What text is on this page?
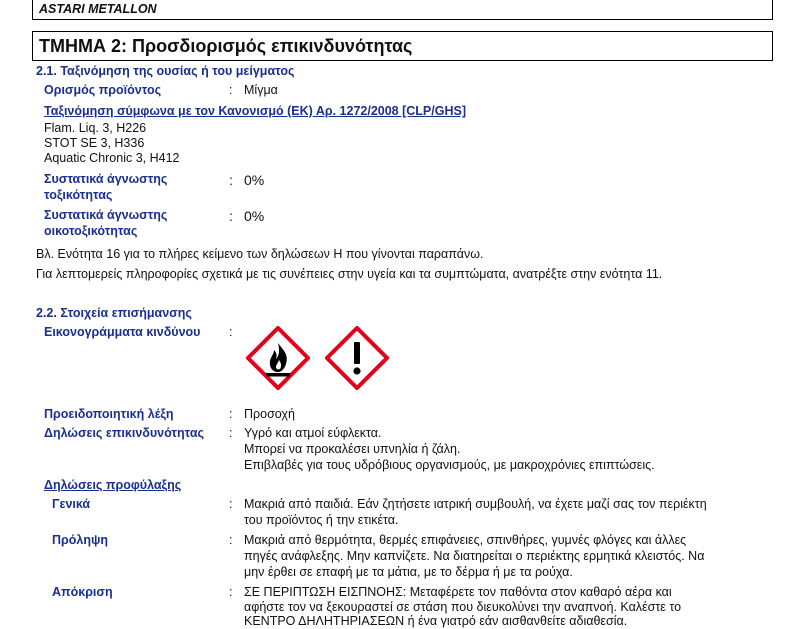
ASTARI METALLON
ΤΜΗΜΑ 2: Προσδιορισμός επικινδυνότητας
2.1. Ταξινόμηση της ουσίας ή του μείγματος
Ορισμός προϊόντος	: Μίγμα
Ταξινόμηση σύμφωνα με τον Κανονισμό (ΕΚ) Αρ. 1272/2008 [CLP/GHS]
Flam. Liq. 3, H226
STOT SE 3, H336
Aquatic Chronic 3, H412
Συστατικά άγνωστης
τοξικότητας
: 0%
Συστατικά άγνωστης
οικοτοξικότητας
: 0%
Βλ. Ενότητα 16 για το πλήρες κείμενο των δηλώσεων Η που γίνονται παραπάνω.
Για λεπτομερείς πληροφορίες σχετικά με τις συνέπειες στην υγεία και τα συμπτώματα, ανατρέξτε στην ενότητα 11.
2.2. Στοιχεία επισήμανσης
Εικονογράμματα κινδύνου :
Προειδοποιητική λέξη	: Προσοχή
Δηλώσεις επικινδυνότητας : Υγρό και ατμοί εύφλεκτα.
Μπορεί να προκαλέσει υπνηλία ή ζάλη.
Επιβλαβές για τους υδρόβιους οργανισμούς, με μακροχρόνιες επιπτώσεις.
Δηλώσεις προφύλαξης
Γενικά	: Μακριά από παιδιά. Εάν ζητήσετε ιατρική συμβουλή, να έχετε μαζί σας τον περιέκτη
του προϊόντος ή την ετικέτα.
Πρόληψη	: Μακριά από θερμότητα, θερμές επιφάνειες, σπινθήρες, γυμνές φλόγες και άλλες
πηγές ανάφλεξης. Μην καπνίζετε. Να διατηρείται ο περιέκτης ερμητικά κλειστός. Να
μην έρθει σε επαφή με τα μάτια, με το δέρμα ή με τα ρούχα.
Απόκριση	: ΣΕ ΠΕΡΙΠΤΩΣΗ ΕΙΣΠΝΟΗΣ: Μεταφέρετε τον παθόντα στον καθαρό αέρα και
αφήστε τον να ξεκουραστεί σε στάση που διευκολύνει την αναπνοή. Καλέστε το
ΚΕΝΤΡΟ ΔΗΛΗΤΗΡΙΑΣΕΩΝ ή ένα γιατρό εάν αισθανθείτε αδιαθεσία.
